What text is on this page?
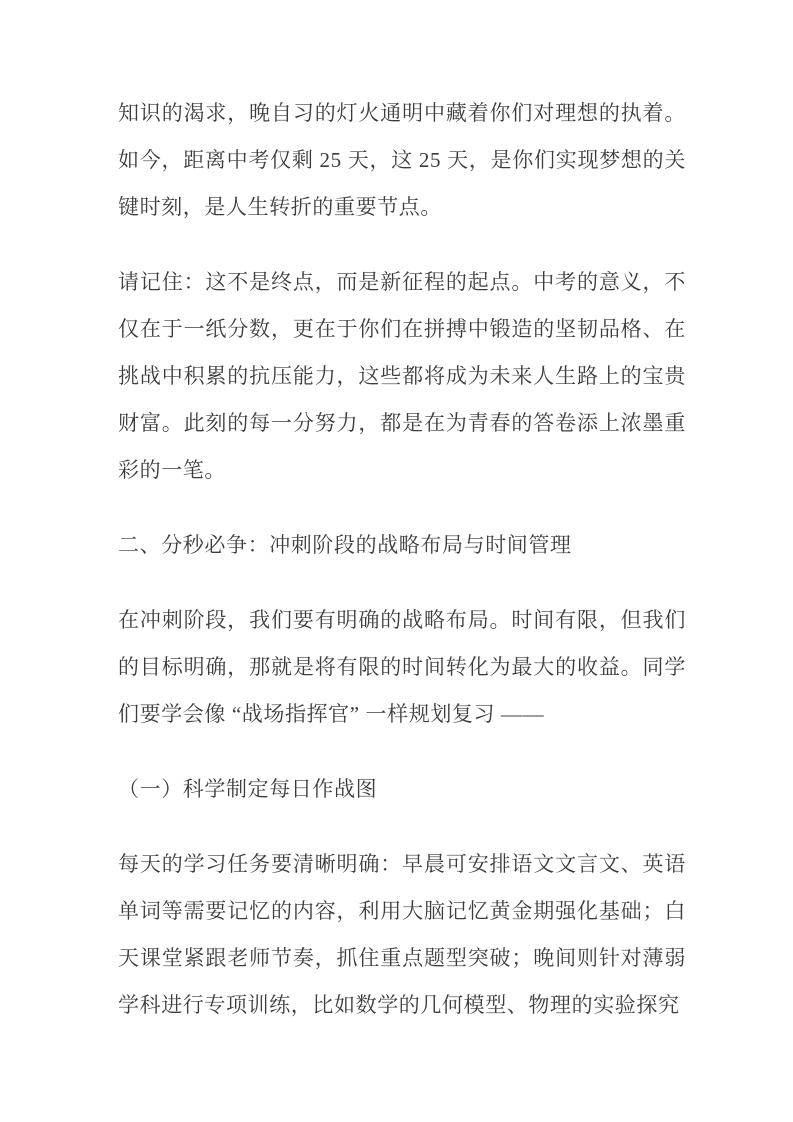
知识的渴求，晚自习的灯火通明中藏着你们对理想的执着。如今，距离中考仅剩 25 天，这 25 天，是你们实现梦想的关键时刻，是人生转折的重要节点。

请记住：这不是终点，而是新征程的起点。中考的意义，不仅在于一纸分数，更在于你们在拼搏中锻造的坚韧品格、在挑战中积累的抗压能力，这些都将成为未来人生路上的宝贵财富。此刻的每一分努力，都是在为青春的答卷添上浓墨重彩的一笔。

二、分秒必争：冲刺阶段的战略布局与时间管理

在冲刺阶段，我们要有明确的战略布局。时间有限，但我们的目标明确，那就是将有限的时间转化为最大的收益。同学们要学会像 “战场指挥官” 一样规划复习 ——

（一）科学制定每日作战图

每天的学习任务要清晰明确：早晨可安排语文文言文、英语单词等需要记忆的内容，利用大脑记忆黄金期强化基础；白天课堂紧跟老师节奏，抓住重点题型突破；晚间则针对薄弱学科进行专项训练，比如数学的几何模型、物理的实验探究
